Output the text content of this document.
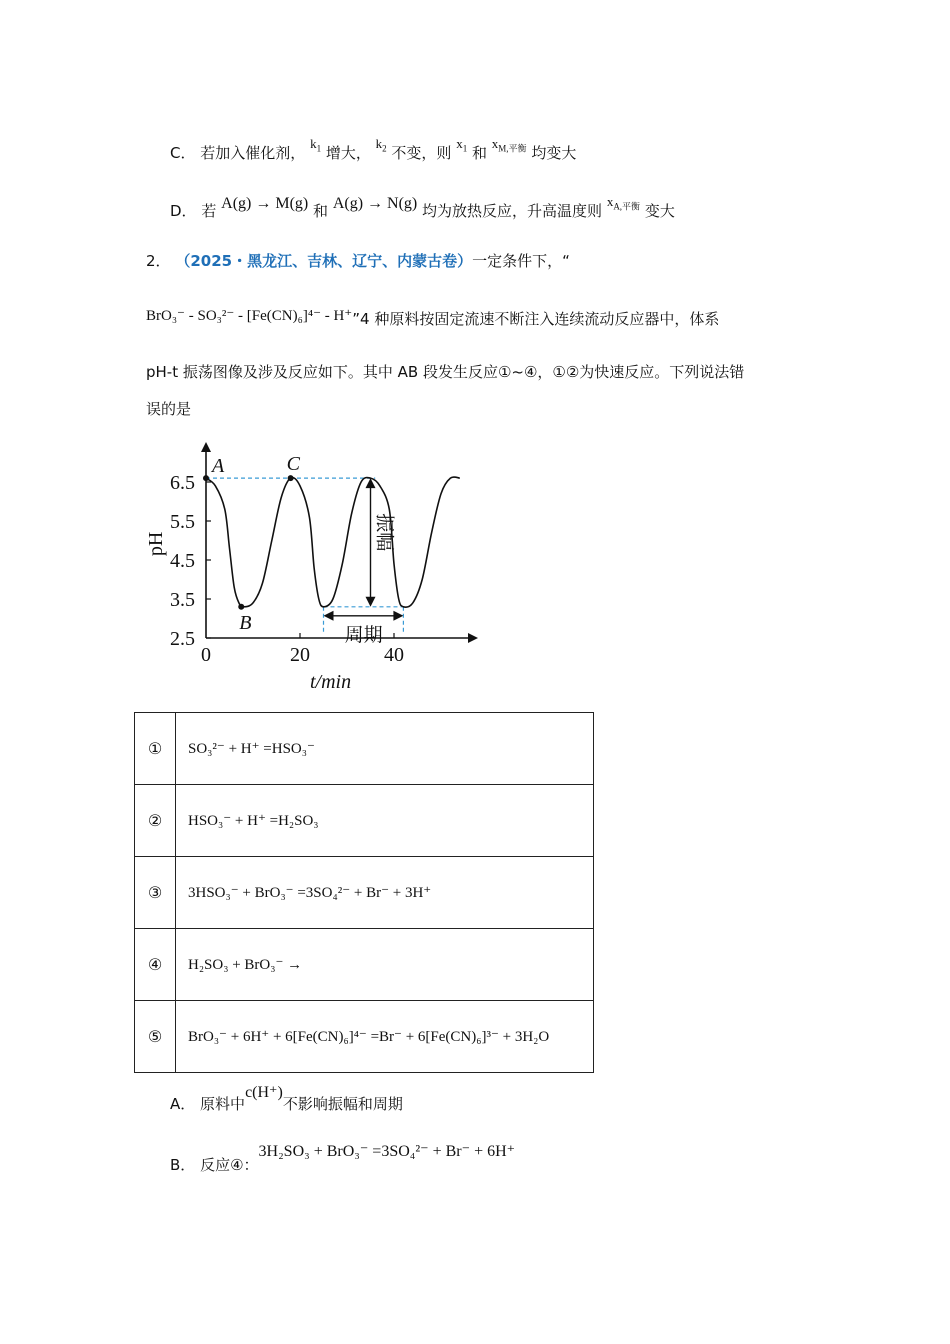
C． 若加入催化剂， $k_1$ 增大， $k_2$ 不变，则 $x_1$ 和 $x_{M,平衡}$ 均变大
D． 若 A(g) → M(g) 和 A(g) → N(g) 均为放热反应，升高温度则 $x_{A,平衡}$ 变大
2． （2025・黑龙江、吉林、辽宁、内蒙古卷）一定条件下，“
BrO₃⁻ - SO₃²⁻ - [Fe(CN)₆]⁴⁻ - H⁺”4 种原料按固定流速不断注入连续流动反应器中，体系
pH-t 振荡图像及涉及反应如下。其中 AB 段发生反应①~④，①②为快速反应。下列说法错
误的是
2.5
3.5
4.5
5.5
6.5
0	20	40
pH
t/min
A
B
C
振幅
周期
①	SO₃²⁻ + H⁺ =HSO₃⁻
②	HSO₃⁻ + H⁺ =H₂SO₃
③	3HSO₃⁻ + BrO₃⁻ =3SO₄²⁻ + Br⁻ + 3H⁺
④	H₂SO₃ + BrO₃⁻ →
⑤	BrO₃⁻ + 6H⁺ + 6[Fe(CN)₆]⁴⁻ =Br⁻ + 6[Fe(CN)₆]³⁻ + 3H₂O
A． 原料中c(H⁺)不影响振幅和周期
B． 反应④：3H₂SO₃ + BrO₃⁻ =3SO₄²⁻ + Br⁻ + 6H⁺
